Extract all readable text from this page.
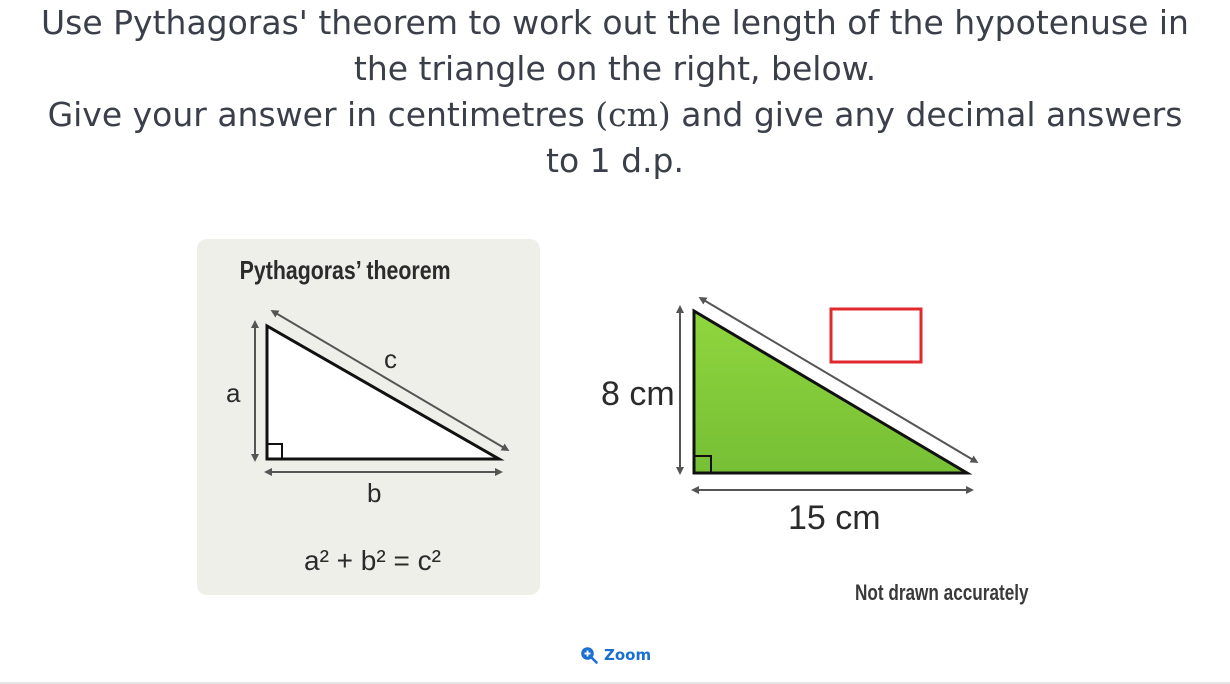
Use Pythagoras' theorem to work out the length of the hypotenuse in
the triangle on the right, below.
Give your answer in centimetres (cm) and give any decimal answers
to 1 d.p.
Pythagoras’ theorem
a
b
c
a² + b² = c²
8 cm
15 cm
Not drawn accurately
Zoom
